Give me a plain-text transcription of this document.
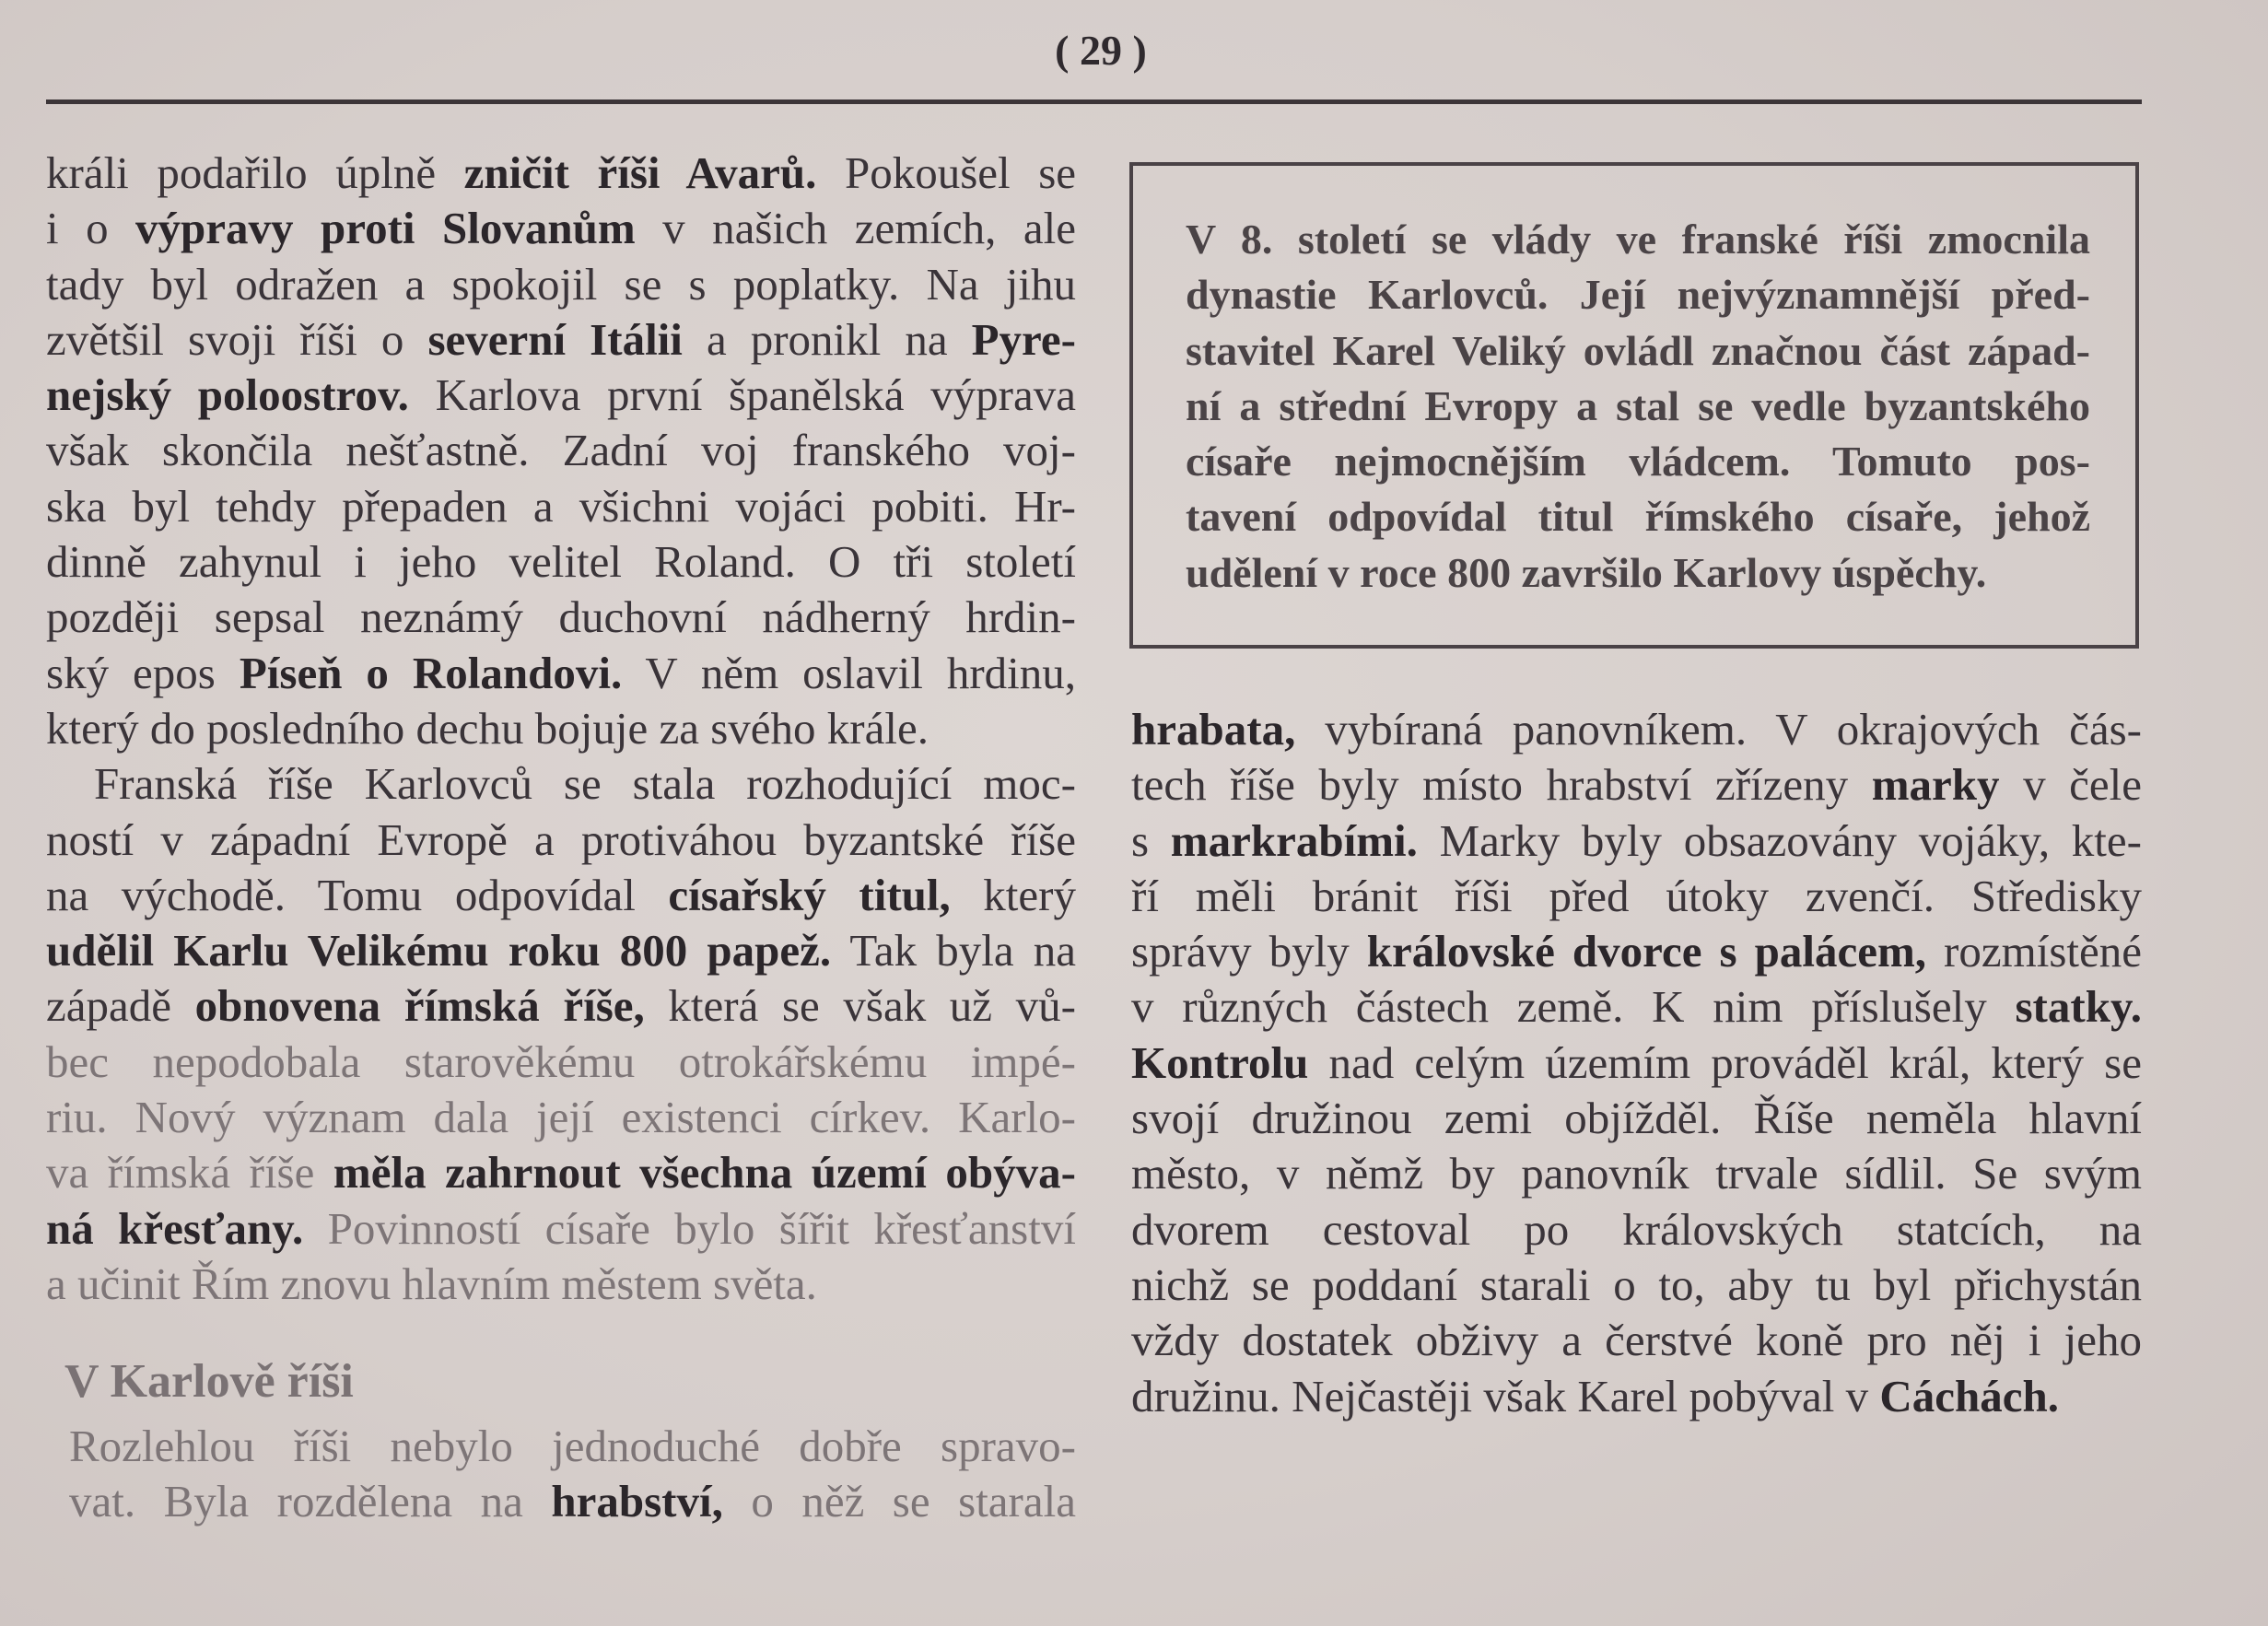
( 29 )
králi podařilo úplně zničit říši Avarů. Pokoušel se
i o výpravy proti Slovanům v našich zemích, ale
tady byl odražen a spokojil se s poplatky. Na jihu
zvětšil svoji říši o severní Itálii a pronikl na Pyre-
nejský poloostrov. Karlova první španělská výprava
však skončila nešťastně. Zadní voj franského voj-
ska byl tehdy přepaden a všichni vojáci pobiti. Hr-
dinně zahynul i jeho velitel Roland. O tři století
později sepsal neznámý duchovní nádherný hrdin-
ský epos Píseň o Rolandovi. V něm oslavil hrdinu,
který do posledního dechu bojuje za svého krále.
Franská říše Karlovců se stala rozhodující moc-
ností v západní Evropě a protiváhou byzantské říše
na východě. Tomu odpovídal císařský titul, který
udělil Karlu Velikému roku 800 papež. Tak byla na
západě obnovena římská říše, která se však už vů-
bec nepodobala starověkému otrokářskému impé-
riu. Nový význam dala její existenci církev. Karlo-
va římská říše měla zahrnout všechna území obýva-
ná křesťany. Povinností císaře bylo šířit křesťanství
a učinit Řím znovu hlavním městem světa.
V Karlově říši
Rozlehlou říši nebylo jednoduché dobře spravo-
vat. Byla rozdělena na hrabství, o něž se starala
V 8. století se vlády ve franské říši zmocnila
dynastie Karlovců. Její nejvýznamnější před-
stavitel Karel Veliký ovládl značnou část západ-
ní a střední Evropy a stal se vedle byzantského
císaře nejmocnějším vládcem. Tomuto pos-
tavení odpovídal titul římského císaře, jehož
udělení v roce 800 završilo Karlovy úspěchy.
hrabata, vybíraná panovníkem. V okrajových čás-
tech říše byly místo hrabství zřízeny marky v čele
s markrabími. Marky byly obsazovány vojáky, kte-
ří měli bránit říši před útoky zvenčí. Středisky
správy byly královské dvorce s palácem, rozmístěné
v různých částech země. K nim příslušely statky.
Kontrolu nad celým územím prováděl král, který se
svojí družinou zemi objížděl. Říše neměla hlavní
město, v němž by panovník trvale sídlil. Se svým
dvorem cestoval po královských statcích, na
nichž se poddaní starali o to, aby tu byl přichystán
vždy dostatek obživy a čerstvé koně pro něj i jeho
družinu. Nejčastěji však Karel pobýval v Cáchách.
